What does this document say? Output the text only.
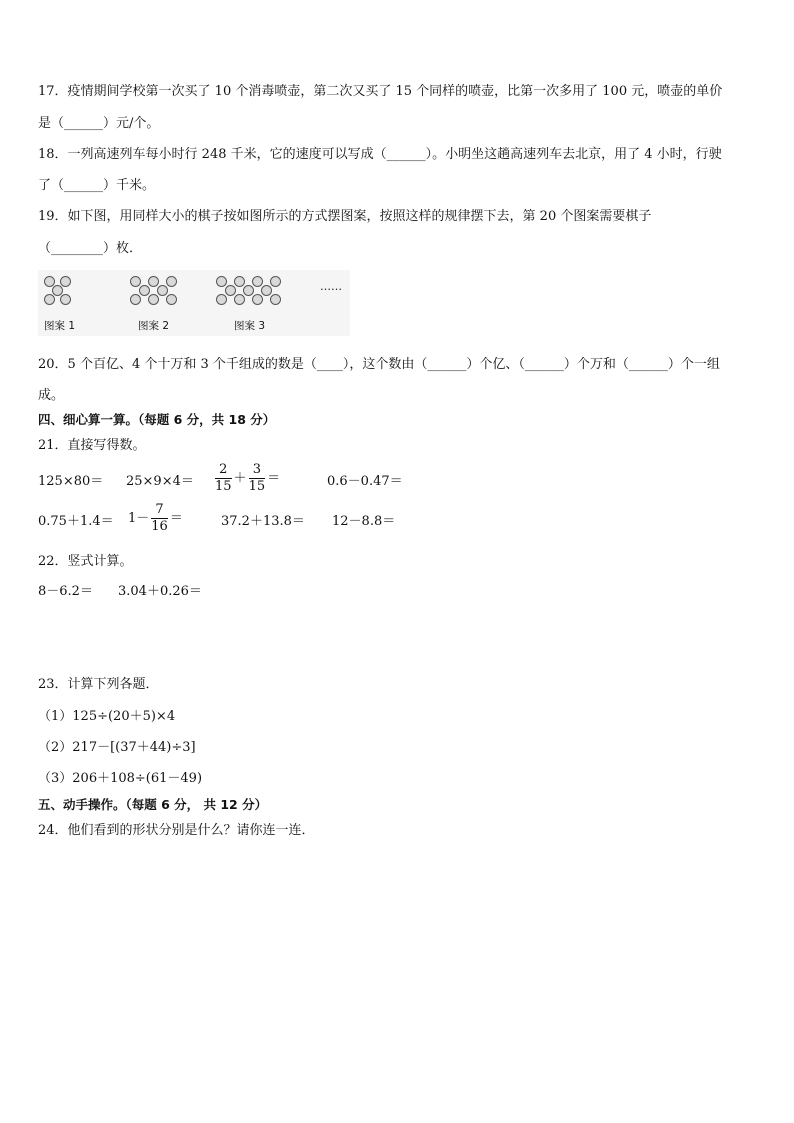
17．疫情期间学校第一次买了 10 个消毒喷壶，第二次又买了 15 个同样的喷壶，比第一次多用了 100 元，喷壶的单价
是（______）元/个。
18．一列高速列车每小时行 248 千米，它的速度可以写成（______）。小明坐这趟高速列车去北京，用了 4 小时，行驶
了（______）千米。
19．如下图，用同样大小的棋子按如图所示的方式摆图案，按照这样的规律摆下去，第 20 个图案需要棋子
（________）枚．
……
图案 1	图案 2	图案 3
20．5 个百亿、4 个十万和 3 个千组成的数是（____），这个数由（______）个亿、（______）个万和（______）个一组
成。
四、细心算一算。（每题 6 分，共 18 分）
21．直接写得数。
$125\times 80= 25\times 9\times 4= \frac{2}{15} + \frac{3}{15}$ ＝	0.6－0.47＝
$0.75+1.4= 1- \frac{7}{16}$ ＝	37.2＋13.8＝ 12－8.8＝
22．竖式计算。
8－6.2＝ 3.04＋0.26＝
23．计算下列各题．
（1）125÷(20＋5)×4
（2）217－[(37＋44)÷3]
（3）206＋108÷(61－49)
五、动手操作。（每题 6 分， 共 12 分）
24．他们看到的形状分别是什么？请你连一连．
